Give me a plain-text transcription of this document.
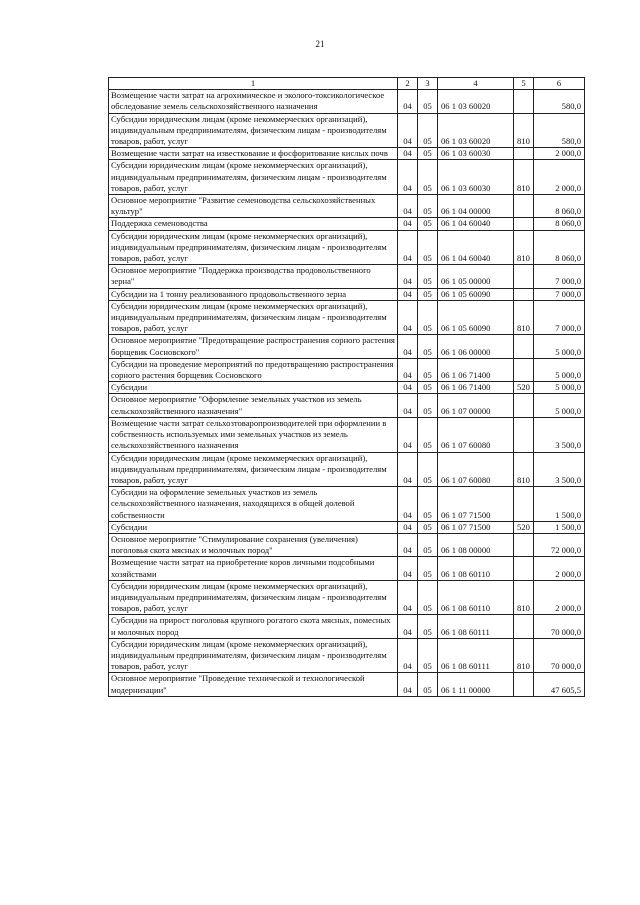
21
1	2	3	4	5	6
Возмещение части затрат на агрохимическое и эколого-токсикологическое обследование земель сельскохозяйственного назначения	04	05	06 1 03 60020		580,0
Субсидии юридическим лицам (кроме некоммерческих организаций), индивидуальным предпринимателям, физическим лицам - производителям товаров, работ, услуг	04	05	06 1 03 60020	810	580,0
Возмещение части затрат на известкование и фосфоритование кислых почв	04	05	06 1 03 60030		2 000,0
Субсидии юридическим лицам (кроме некоммерческих организаций), индивидуальным предпринимателям, физическим лицам - производителям товаров, работ, услуг	04	05	06 1 03 60030	810	2 000,0
Основное мероприятие "Развитие семеноводства сельскохозяйственных культур"	04	05	06 1 04 00000		8 060,0
Поддержка семеноводства	04	05	06 1 04 60040		8 060,0
Субсидии юридическим лицам (кроме некоммерческих организаций), индивидуальным предпринимателям, физическим лицам - производителям товаров, работ, услуг	04	05	06 1 04 60040	810	8 060,0
Основное мероприятие "Поддержка производства продовольственного зерна"	04	05	06 1 05 00000		7 000,0
Субсидии на 1 тонну реализованного продовольственного зерна	04	05	06 1 05 60090		7 000,0
Субсидии юридическим лицам (кроме некоммерческих организаций), индивидуальным предпринимателям, физическим лицам - производителям товаров, работ, услуг	04	05	06 1 05 60090	810	7 000,0
Основное мероприятие "Предотвращение распространения сорного растения борщевик Сосновского"	04	05	06 1 06 00000		5 000,0
Субсидии на проведение мероприятий по предотвращению распространения сорного растения борщевик Сосновского	04	05	06 1 06 71400		5 000,0
Субсидии	04	05	06 1 06 71400	520	5 000,0
Основное мероприятие "Оформление земельных участков из земель сельскохозяйственного назначения"	04	05	06 1 07 00000		5 000,0
Возмещение части затрат сельхозтоваропроизводителей при оформлении в собственность используемых ими земельных участков из земель сельскохозяйственного назначения	04	05	06 1 07 60080		3 500,0
Субсидии юридическим лицам (кроме некоммерческих организаций), индивидуальным предпринимателям, физическим лицам - производителям товаров, работ, услуг	04	05	06 1 07 60080	810	3 500,0
Субсидии на оформление земельных участков из земель сельскохозяйственного назначения, находящихся в общей долевой собственности	04	05	06 1 07 71500		1 500,0
Субсидии	04	05	06 1 07 71500	520	1 500,0
Основное мероприятие "Стимулирование сохранения (увеличения) поголовья скота мясных и молочных пород"	04	05	06 1 08 00000		72 000,0
Возмещение части затрат на приобретение коров личными подсобными хозяйствами	04	05	06 1 08 60110		2 000,0
Субсидии юридическим лицам (кроме некоммерческих организаций), индивидуальным предпринимателям, физическим лицам - производителям товаров, работ, услуг	04	05	06 1 08 60110	810	2 000,0
Субсидии на прирост поголовья крупного рогатого скота мясных, помесных и молочных пород	04	05	06 1 08 60111		70 000,0
Субсидии юридическим лицам (кроме некоммерческих организаций), индивидуальным предпринимателям, физическим лицам - производителям товаров, работ, услуг	04	05	06 1 08 60111	810	70 000,0
Основное мероприятие "Проведение технической и технологической модернизации"	04	05	06 1 11 00000		47 605,5
